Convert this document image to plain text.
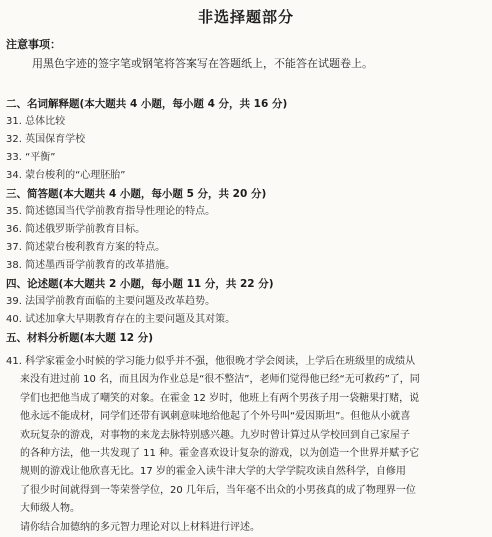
非选择题部分
注意事项：
用黑色字迹的签字笔或钢笔将答案写在答题纸上，不能答在试题卷上。
二、名词解释题(本大题共 4 小题，每小题 4 分，共 16 分)
31. 总体比较
32. 英国保育学校
33. “平衡”
34. 蒙台梭利的“心理胚胎”
三、简答题(本大题共 4 小题，每小题 5 分，共 20 分)
35. 简述德国当代学前教育指导性理论的特点。
36. 简述俄罗斯学前教育目标。
37. 简述蒙台梭利教育方案的特点。
38. 简述墨西哥学前教育的改革措施。
四、论述题(本大题共 2 小题，每小题 11 分，共 22 分)
39. 法国学前教育面临的主要问题及改革趋势。
40. 试述加拿大早期教育存在的主要问题及其对策。
五、材料分析题(本大题 12 分)
41. 科学家霍金小时候的学习能力似乎并不强，他很晚才学会阅读，上学后在班级里的成绩从
来没有进过前 10 名，而且因为作业总是“很不整洁”，老师们觉得他已经“无可救药”了，同
学们也把他当成了嘲笑的对象。在霍金 12 岁时，他班上有两个男孩子用一袋糖果打赌，说
他永远不能成材，同学们还带有讽刺意味地给他起了个外号叫“爱因斯坦”。但他从小就喜
欢玩复杂的游戏，对事物的来龙去脉特别感兴趣。九岁时曾计算过从学校回到自己家屋子
的各种方法，他一共发现了 11 种。霍金喜欢设计复杂的游戏，以为创造一个世界并赋予它
规则的游戏让他欣喜无比。17 岁的霍金入读牛津大学的大学学院攻读自然科学，自修用
了很少时间就得到一等荣誉学位，20 几年后，当年毫不出众的小男孩真的成了物理界一位
大师级人物。
请你结合加德纳的多元智力理论对以上材料进行评述。
